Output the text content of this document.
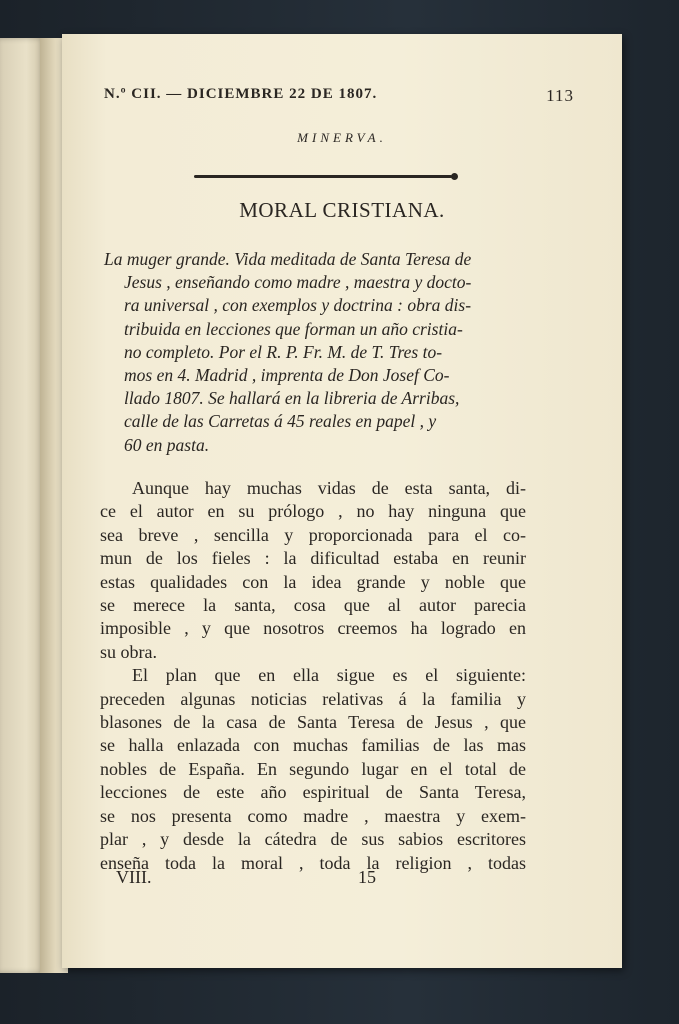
N.º CII. — DICIEMBRE 22 DE 1807.	113
MINERVA.
MORAL CRISTIANA.
La muger grande. Vida meditada de Santa Teresa de
Jesus , enseñando como madre , maestra y docto-
ra universal , con exemplos y doctrina : obra dis-
tribuida en lecciones que forman un año cristia-
no completo. Por el R. P. Fr. M. de T. Tres to-
mos en 4. Madrid , imprenta de Don Josef Co-
llado 1807. Se hallará en la libreria de Arribas,
calle de las Carretas á 45 reales en papel , y
60 en pasta.
Aunque hay muchas vidas de esta santa, di-
ce el autor en su prólogo , no hay ninguna que
sea breve , sencilla y proporcionada para el co-
mun de los fieles : la dificultad estaba en reunir
estas qualidades con la idea grande y noble que
se merece la santa, cosa que al autor parecia
imposible , y que nosotros creemos ha logrado en
su obra.
El plan que en ella sigue es el siguiente:
preceden algunas noticias relativas á la familia y
blasones de la casa de Santa Teresa de Jesus , que
se halla enlazada con muchas familias de las mas
nobles de España. En segundo lugar en el total de
lecciones de este año espiritual de Santa Teresa,
se nos presenta como madre , maestra y exem-
plar , y desde la cátedra de sus sabios escritores
enseña toda la moral , toda la religion , todas
VIII.	15
